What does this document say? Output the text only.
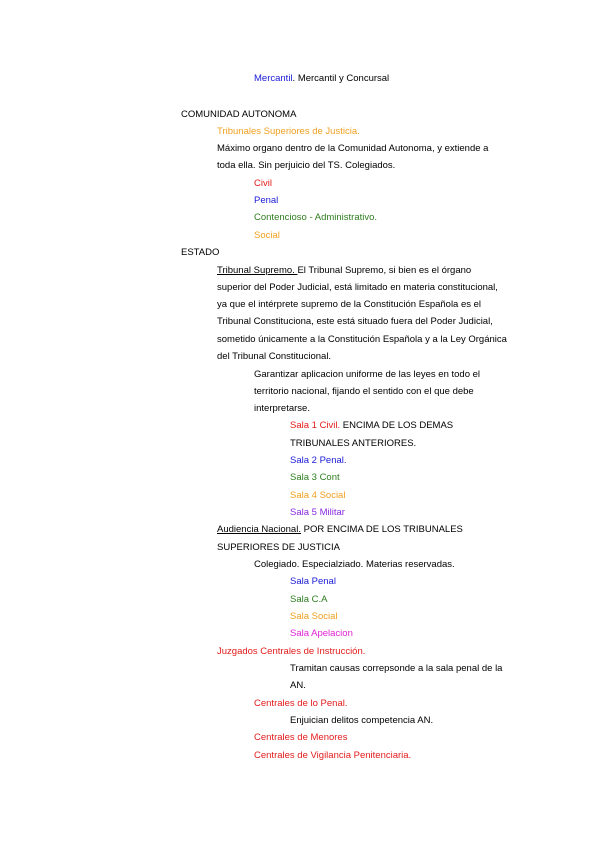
Mercantil. Mercantil y Concursal
COMUNIDAD AUTONOMA
Tribunales Superiores de Justicia.
Máximo organo dentro de la Comunidad Autonoma, y extiende a
toda ella. Sin perjuicio del TS. Colegiados.
Civil
Penal
Contencioso - Administrativo.
Social
ESTADO
Tribunal Supremo. El Tribunal Supremo, si bien es el órgano
superior del Poder Judicial, está limitado en materia constitucional,
ya que el intérprete supremo de la Constitución Española es el
Tribunal Constituciona, este está situado fuera del Poder Judicial,
sometido únicamente a la Constitución Española y a la Ley Orgánica
del Tribunal Constitucional.
Garantizar aplicacion uniforme de las leyes en todo el
territorio nacional, fijando el sentido con el que debe
interpretarse.
Sala 1 Civil. ENCIMA DE LOS DEMAS
TRIBUNALES ANTERIORES.
Sala 2 Penal.
Sala 3 Cont
Sala 4 Social
Sala 5 Militar
Audiencia Nacional. POR ENCIMA DE LOS TRIBUNALES
SUPERIORES DE JUSTICIA
Colegiado. Especialziado. Materias reservadas.
Sala Penal
Sala C.A
Sala Social
Sala Apelacion
Juzgados Centrales de Instrucción.
Tramitan causas correpsonde a la sala penal de la
AN.
Centrales de lo Penal.
Enjuician delitos competencia AN.
Centrales de Menores
Centrales de Vigilancia Penitenciaria.
